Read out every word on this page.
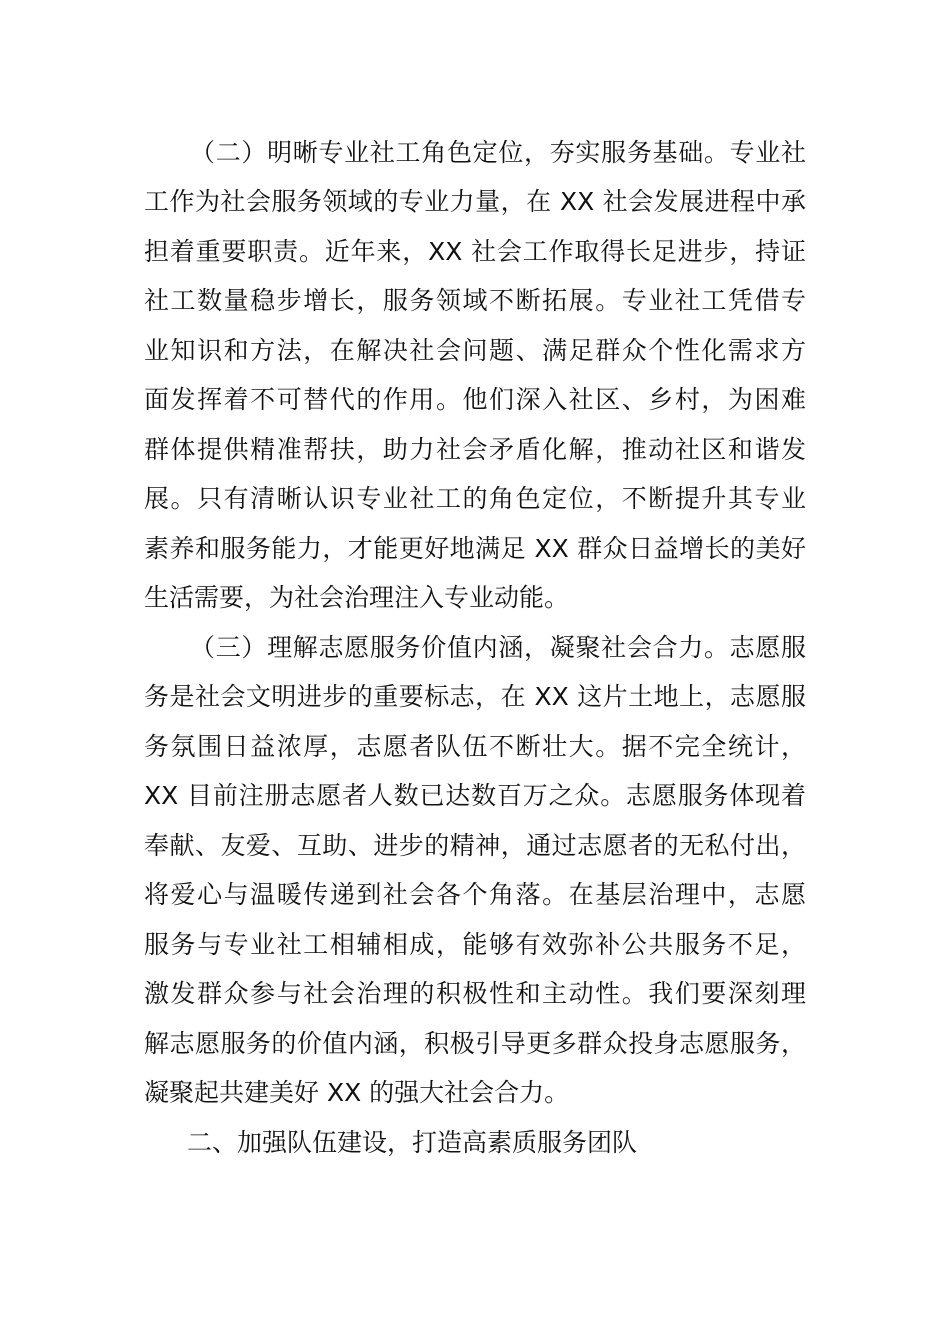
（二）明晰专业社工角色定位，夯实服务基础。专业社
工作为社会服务领域的专业力量，在 XX 社会发展进程中承
担着重要职责。近年来，XX 社会工作取得长足进步，持证
社工数量稳步增长，服务领域不断拓展。专业社工凭借专
业知识和方法，在解决社会问题、满足群众个性化需求方
面发挥着不可替代的作用。他们深入社区、乡村，为困难
群体提供精准帮扶，助力社会矛盾化解，推动社区和谐发
展。只有清晰认识专业社工的角色定位，不断提升其专业
素养和服务能力，才能更好地满足 XX 群众日益增长的美好
生活需要，为社会治理注入专业动能。
（三）理解志愿服务价值内涵，凝聚社会合力。志愿服
务是社会文明进步的重要标志，在 XX 这片土地上，志愿服
务氛围日益浓厚，志愿者队伍不断壮大。据不完全统计，
XX 目前注册志愿者人数已达数百万之众。志愿服务体现着
奉献、友爱、互助、进步的精神，通过志愿者的无私付出，
将爱心与温暖传递到社会各个角落。在基层治理中，志愿
服务与专业社工相辅相成，能够有效弥补公共服务不足，
激发群众参与社会治理的积极性和主动性。我们要深刻理
解志愿服务的价值内涵，积极引导更多群众投身志愿服务，
凝聚起共建美好 XX 的强大社会合力。
二、加强队伍建设，打造高素质服务团队
